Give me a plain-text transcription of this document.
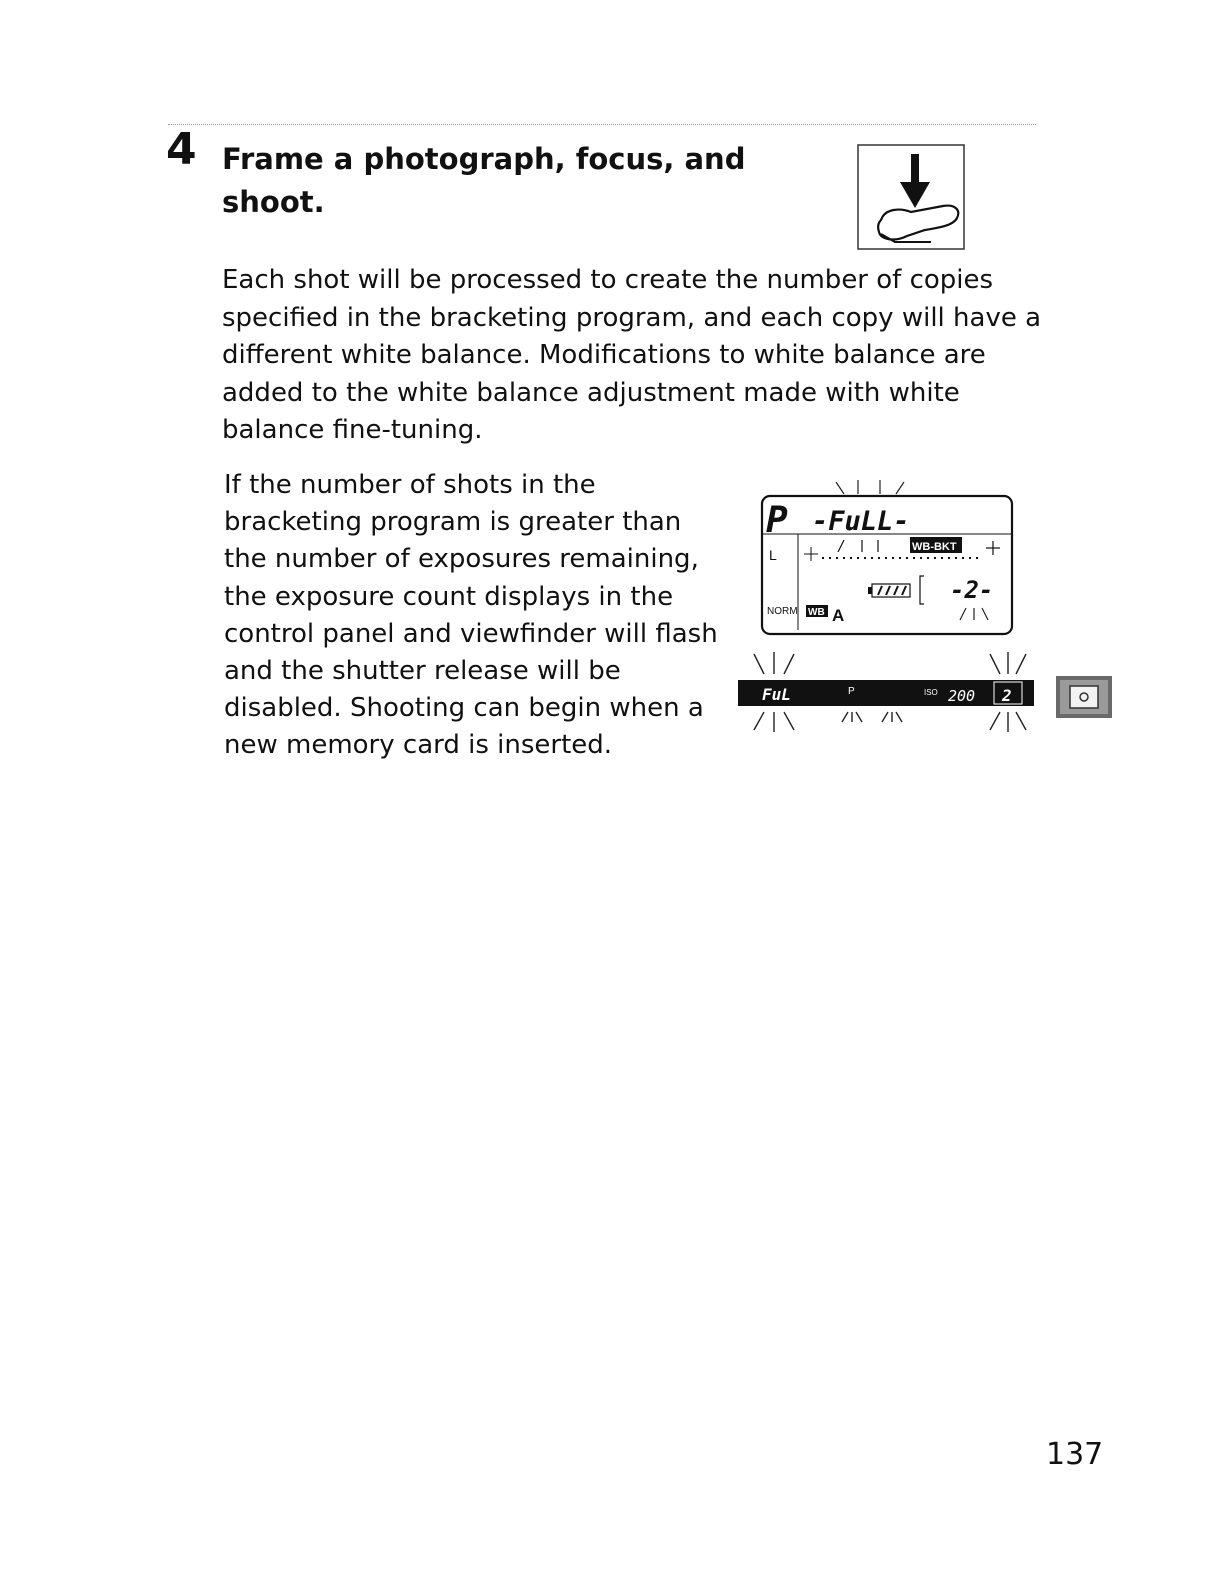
4 Frame a photograph, focus, and shoot.

Each shot will be processed to create the number of copies specified in the bracketing program, and each copy will have a different white balance. Modifications to white balance are added to the white balance adjustment made with white balance fine-tuning.

If the number of shots in the bracketing program is greater than the number of exposures remaining, the exposure count displays in the control panel and viewfinder will flash and the shutter release will be disabled. Shooting can begin when a new memory card is inserted.

P -FuLL-
L	WB-BKT
-2-
NORM WB A
FuL	P	ISO 200 2
137
